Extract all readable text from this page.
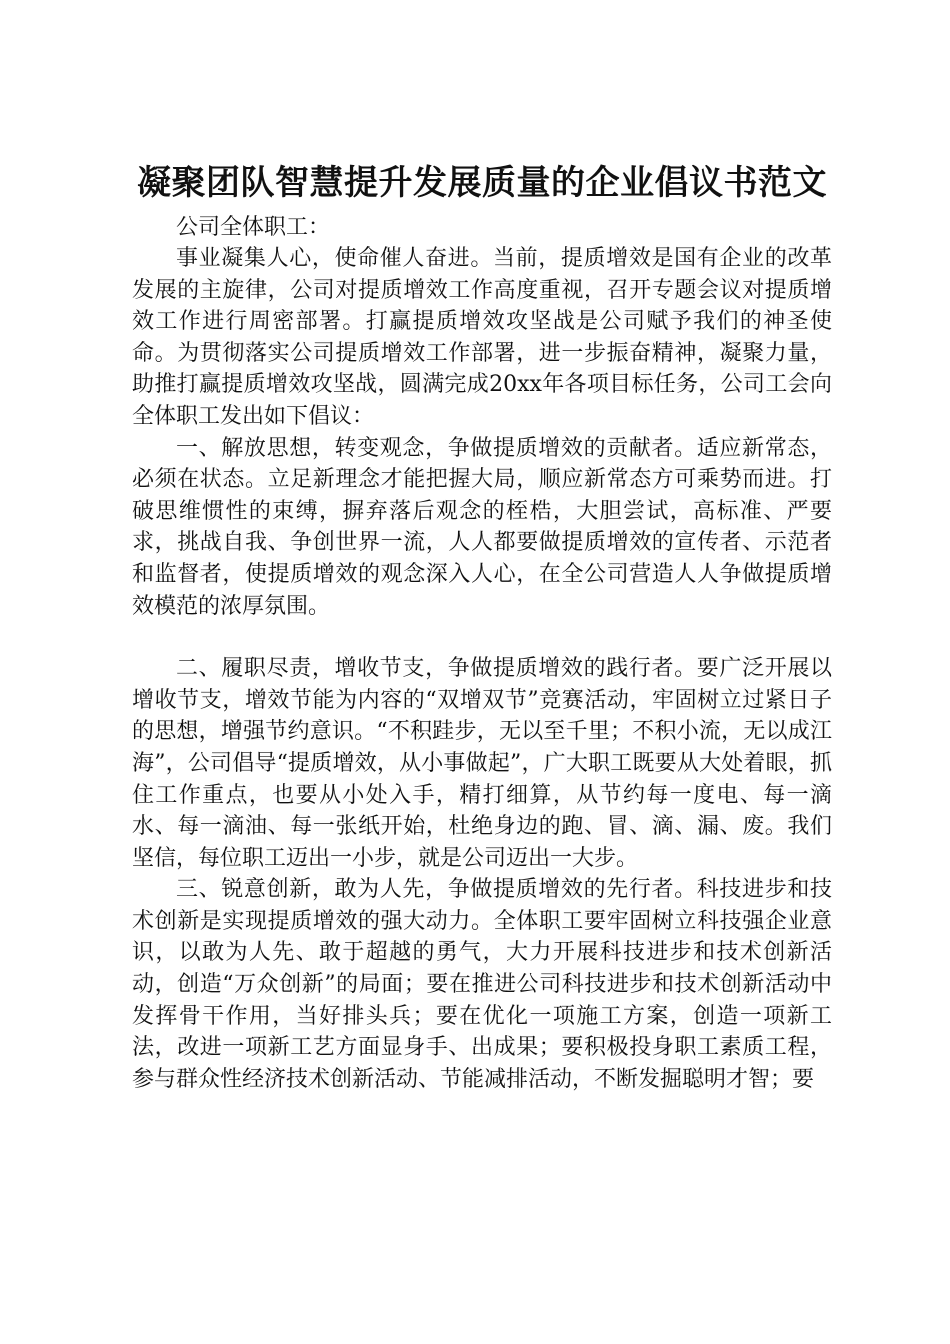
凝聚团队智慧提升发展质量的企业倡议书范文

公司全体职工：

事业凝集人心，使命催人奋进。当前，提质增效是国有企业的改革发展的主旋律，公司对提质增效工作高度重视，召开专题会议对提质增效工作进行周密部署。打赢提质增效攻坚战是公司赋予我们的神圣使命。为贯彻落实公司提质增效工作部署，进一步振奋精神，凝聚力量，助推打赢提质增效攻坚战，圆满完成20xx年各项目标任务，公司工会向全体职工发出如下倡议：

一、解放思想，转变观念，争做提质增效的贡献者。适应新常态，必须在状态。立足新理念才能把握大局，顺应新常态方可乘势而进。打破思维惯性的束缚，摒弃落后观念的桎梏，大胆尝试，高标准、严要求，挑战自我、争创世界一流，人人都要做提质增效的宣传者、示范者和监督者，使提质增效的观念深入人心，在全公司营造人人争做提质增效模范的浓厚氛围。

二、履职尽责，增收节支，争做提质增效的践行者。要广泛开展以增收节支，增效节能为内容的“双增双节”竞赛活动，牢固树立过紧日子的思想，增强节约意识。“不积跬步，无以至千里；不积小流，无以成江海”，公司倡导“提质增效，从小事做起”，广大职工既要从大处着眼，抓住工作重点，也要从小处入手，精打细算，从节约每一度电、每一滴水、每一滴油、每一张纸开始，杜绝身边的跑、冒、滴、漏、废。我们坚信，每位职工迈出一小步，就是公司迈出一大步。

三、锐意创新，敢为人先，争做提质增效的先行者。科技进步和技术创新是实现提质增效的强大动力。全体职工要牢固树立科技强企业意识，以敢为人先、敢于超越的勇气，大力开展科技进步和技术创新活动，创造“万众创新”的局面；要在推进公司科技进步和技术创新活动中发挥骨干作用，当好排头兵；要在优化一项施工方案，创造一项新工法，改进一项新工艺方面显身手、出成果；要积极投身职工素质工程，参与群众性经济技术创新活动、节能减排活动，不断发掘聪明才智；要
